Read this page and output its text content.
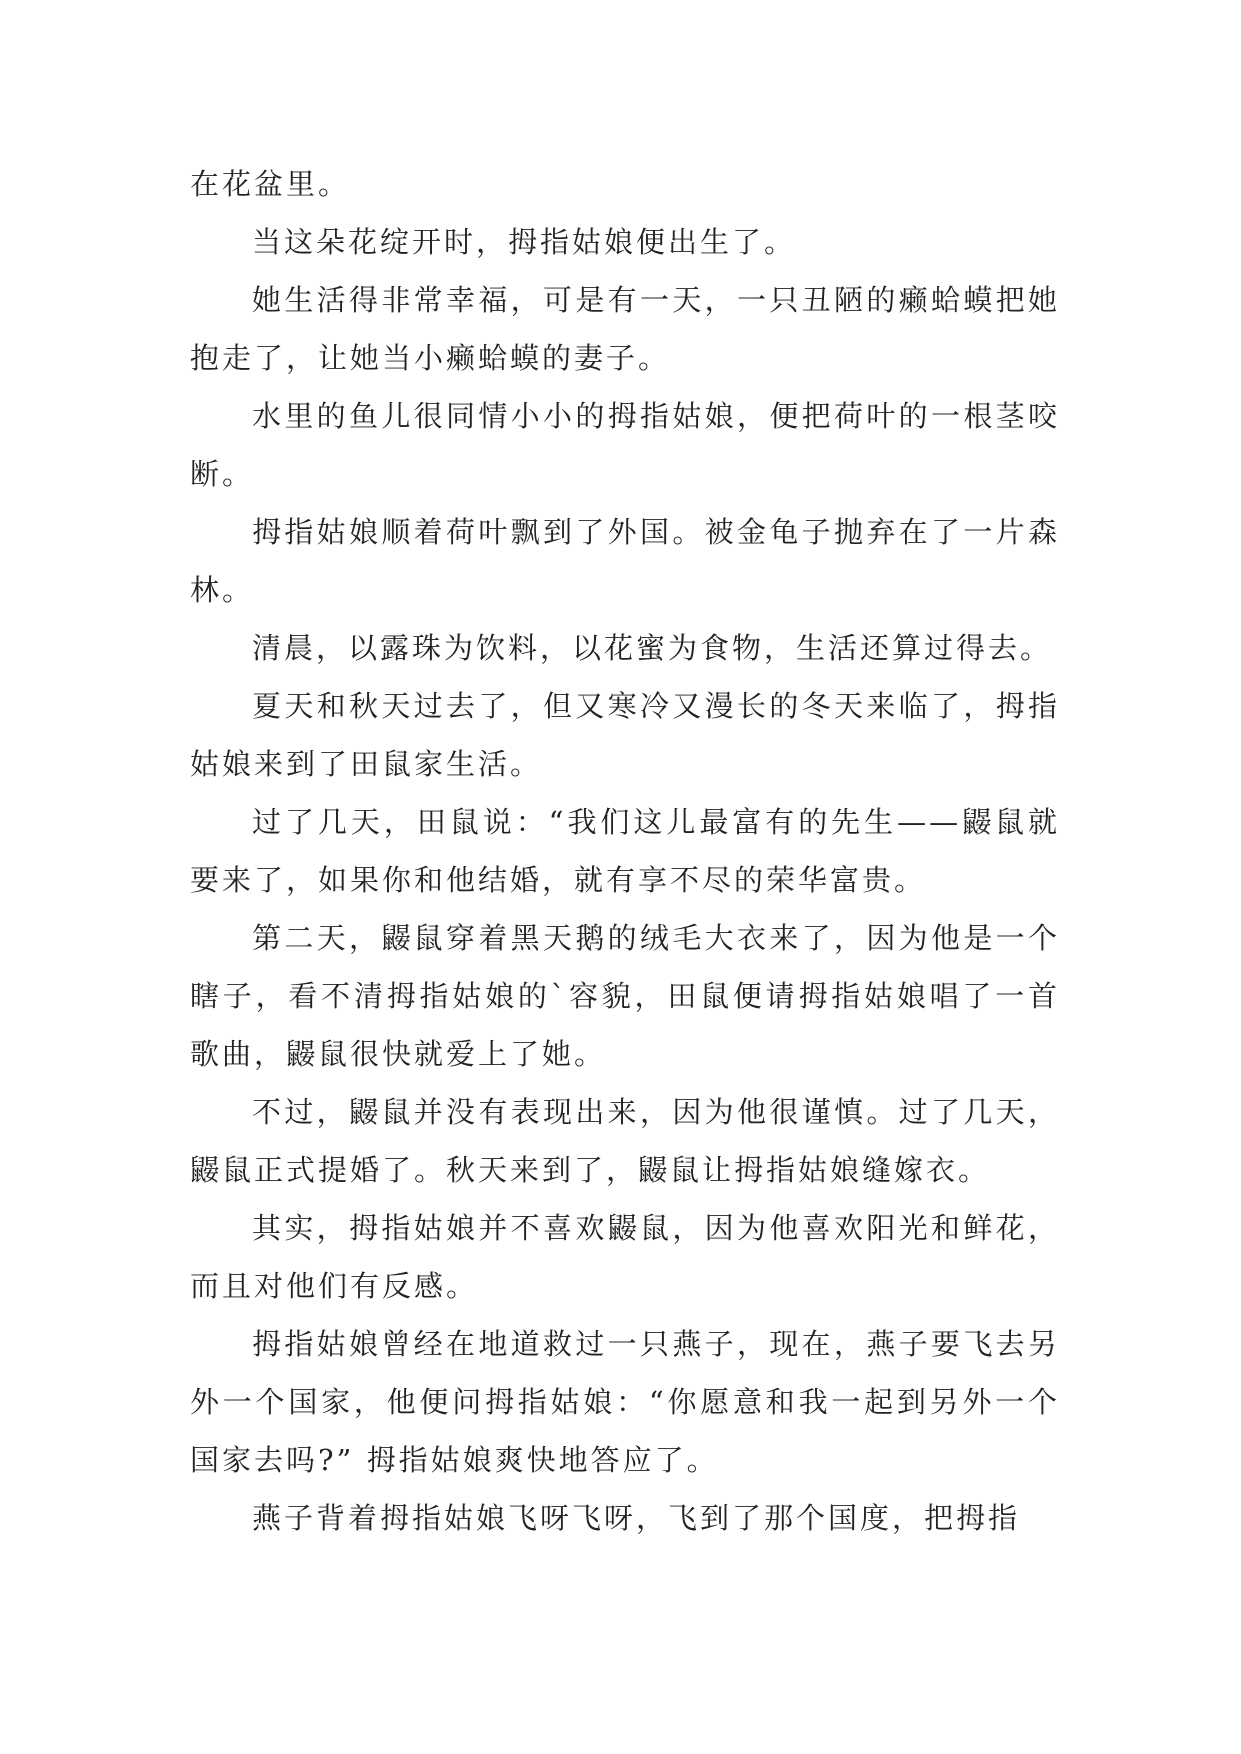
在花盆里。

当这朵花绽开时，拇指姑娘便出生了。

她生活得非常幸福，可是有一天，一只丑陋的癞蛤蟆把她抱走了，让她当小癞蛤蟆的妻子。

水里的鱼儿很同情小小的拇指姑娘，便把荷叶的一根茎咬断。

拇指姑娘顺着荷叶飘到了外国。被金龟子抛弃在了一片森林。

清晨，以露珠为饮料，以花蜜为食物，生活还算过得去。

夏天和秋天过去了，但又寒冷又漫长的冬天来临了，拇指姑娘来到了田鼠家生活。

过了几天，田鼠说：“我们这儿最富有的先生——鼹鼠就要来了，如果你和他结婚，就有享不尽的荣华富贵。

第二天，鼹鼠穿着黑天鹅的绒毛大衣来了，因为他是一个瞎子，看不清拇指姑娘的`容貌，田鼠便请拇指姑娘唱了一首歌曲，鼹鼠很快就爱上了她。

不过，鼹鼠并没有表现出来，因为他很谨慎。过了几天，鼹鼠正式提婚了。秋天来到了，鼹鼠让拇指姑娘缝嫁衣。

其实，拇指姑娘并不喜欢鼹鼠，因为他喜欢阳光和鲜花，而且对他们有反感。

拇指姑娘曾经在地道救过一只燕子，现在，燕子要飞去另外一个国家，他便问拇指姑娘：“你愿意和我一起到另外一个国家去吗?” 拇指姑娘爽快地答应了。

燕子背着拇指姑娘飞呀飞呀，飞到了那个国度，把拇指
